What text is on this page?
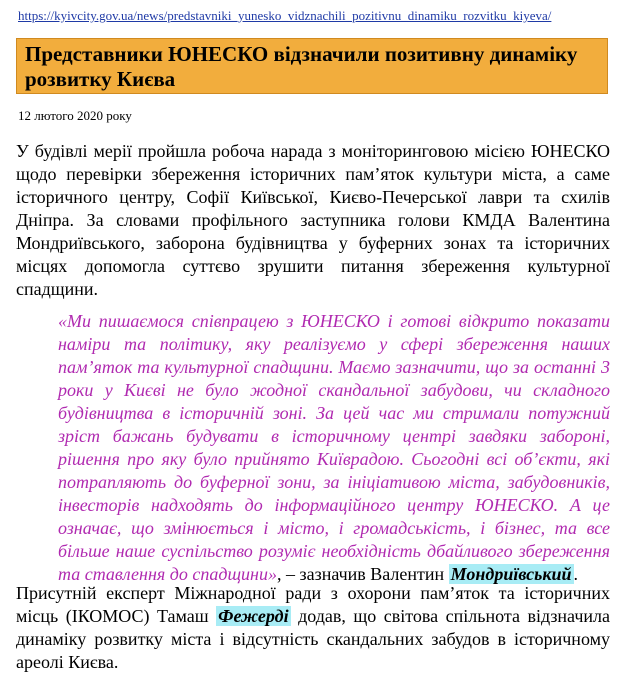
https://kyivcity.gov.ua/news/predstavniki_yunesko_vidznachili_pozitivnu_dinamiku_rozvitku_kiyeva/
Представники ЮНЕСКО відзначили позитивну динаміку розвитку Києва
12 лютого 2020 року

У будівлі мерії пройшла робоча нарада з моніторинговою місією ЮНЕСКО щодо перевірки збереження історичних пам’яток культури міста, а саме історичного центру, Софії Київської, Києво-Печерської лаври та схилів Дніпра. За словами профільного заступника голови КМДА Валентина Мондриївського, заборона будівництва у буферних зонах та історичних місцях допомогла суттєво зрушити питання збереження культурної спадщини.

«Ми пишаємося співпрацею з ЮНЕСКО і готові відкрито показати наміри та політику, яку реалізуємо у сфері збереження наших пам’яток та культурної спадщини. Маємо зазначити, що за останні 3 роки у Києві не було жодної скандальної забудови, чи складного будівництва в історичній зоні. За цей час ми стримали потужний зріст бажань будувати в історичному центрі завдяки забороні, рішення про яку було прийнято Київрадою. Сьогодні всі об’єкти, які потрапляють до буферної зони, за ініціативою міста, забудовників, інвесторів надходять до інформаційного центру ЮНЕСКО. А це означає, що змінюється і місто, і громадськість, і бізнес, та все більше наше суспільство розуміє необхідність дбайливого збереження та ставлення до спадщини», – зазначив Валентин Мондриївський .

Присутній експерт Міжнародної ради з охорони пам’яток та історичних місць (ІКОМОС) Тамаш Фежерді додав, що світова спільнота відзначила динаміку розвитку міста і відсутність скандальних забудов в історичному ареолі Києва.
